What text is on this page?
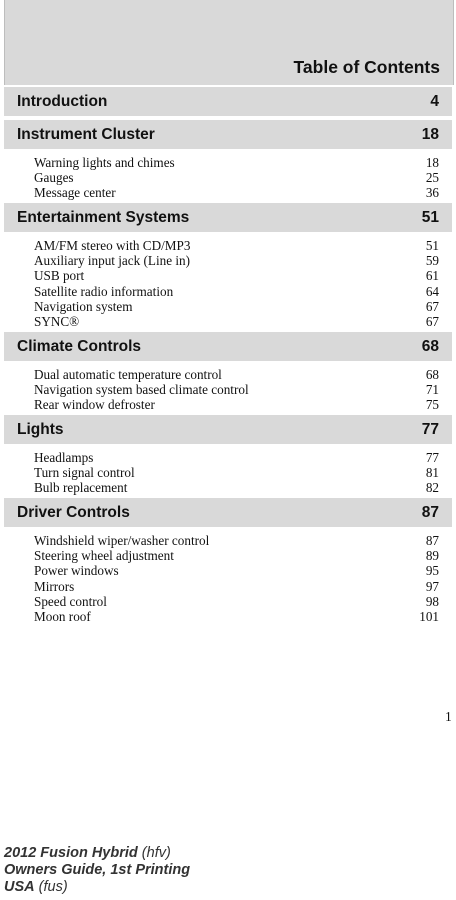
Table of Contents
Introduction	4
Instrument Cluster	18
Warning lights and chimes	18
Gauges	25
Message center	36
Entertainment Systems	51
AM/FM stereo with CD/MP3	51
Auxiliary input jack (Line in)	59
USB port	61
Satellite radio information	64
Navigation system	67
SYNC®	67
Climate Controls	68
Dual automatic temperature control	68
Navigation system based climate control	71
Rear window defroster	75
Lights	77
Headlamps	77
Turn signal control	81
Bulb replacement	82
Driver Controls	87
Windshield wiper/washer control	87
Steering wheel adjustment	89
Power windows	95
Mirrors	97
Speed control	98
Moon roof	101
1
2012 Fusion Hybrid (hfv)
Owners Guide, 1st Printing
USA (fus)
